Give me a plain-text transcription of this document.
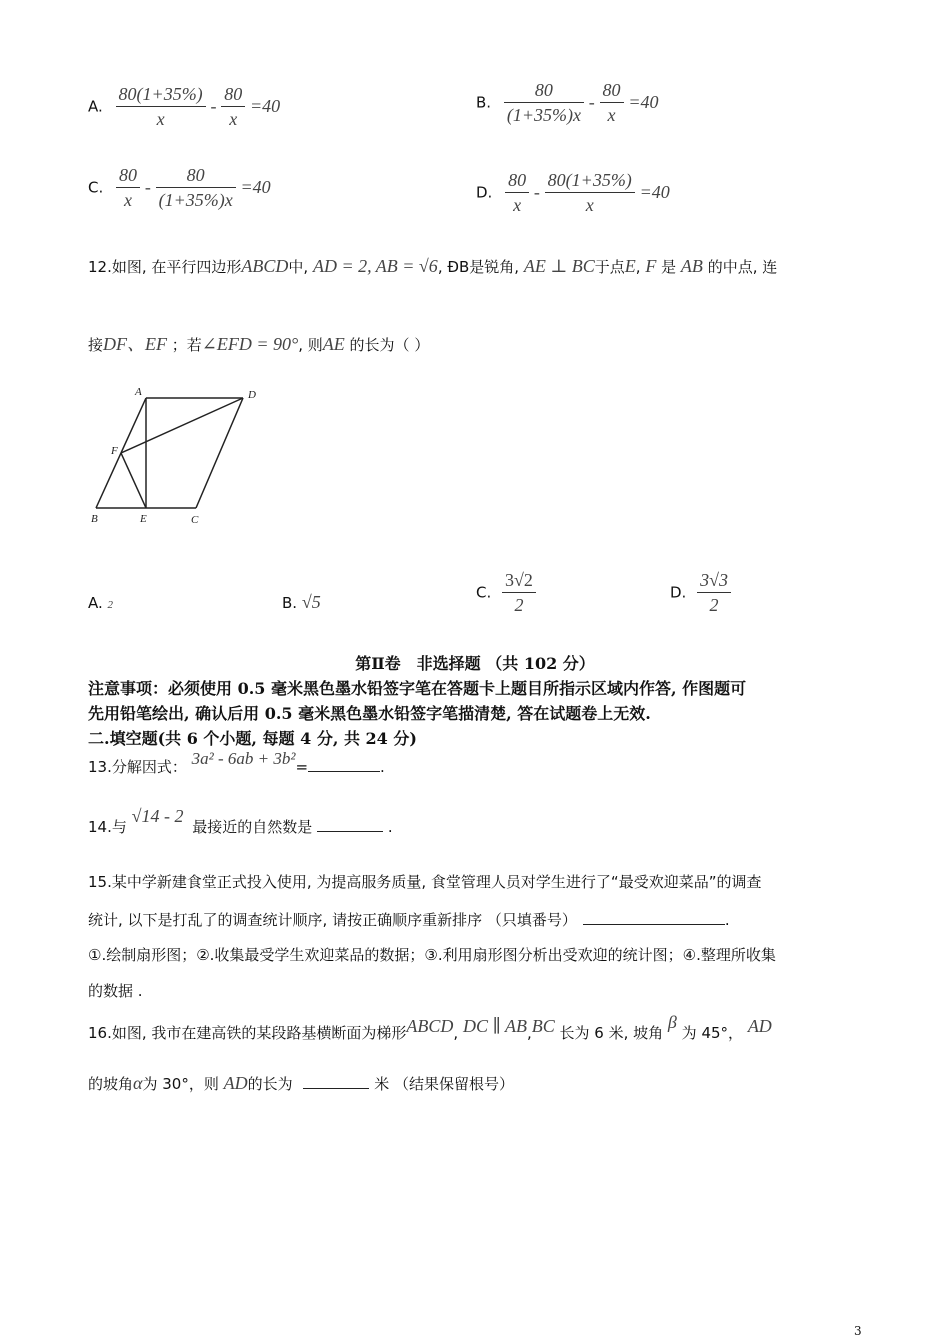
A. $\frac{80(1+35\%)}{x} - \frac{80}{x} =40$	B. $\frac{80}{(1+35\%)x} - \frac{80}{x} =40$
C. $\frac{80}{x} - \frac{80}{(1+35\%)x} =40$	D. $\frac{80}{x} - \frac{80(1+35\%)}{x} =40$
12.如图, 在平行四边形ABCD中, AD = 2, AB = √6, ÐB是锐角, AE ⊥ BC于点E, F 是 AB 的中点, 连
接DF、EF ；若∠EFD = 90°, 则AE 的长为（ ）
A	D
F
B	E	C
A. 2	B. √5	C. $\frac{3√2}{2}$	D. $\frac{3√3}{2}$
第Ⅱ卷　非选择题 （共 102 分）
注意事项：必须使用 0.5 毫米黑色墨水铅签字笔在答题卡上题目所指示区域内作答, 作图题可
先用铅笔绘出, 确认后用 0.5 毫米黑色墨水铅签字笔描清楚, 答在试题卷上无效.
二.填空题(共 6 个小题, 每题 4 分, 共 24 分)
13.分解因式： 3a² - 6ab + 3b²=	.
14.与 √14 - 2 最接近的自然数是	.
15.某中学新建食堂正式投入使用, 为提高服务质量, 食堂管理人员对学生进行了“最受欢迎菜品”的调查
统计, 以下是打乱了的调查统计顺序, 请按正确顺序重新排序 （只填番号）	.
①.绘制扇形图；②.收集最受学生欢迎菜品的数据；③.利用扇形图分析出受欢迎的统计图；④.整理所收集
的数据 .
16.如图, 我市在建高铁的某段路基横断面为梯形ABCD, DC ∥ AB,BC 长为 6 米, 坡角 β 为 45°， AD
的坡角α为 30°，则 AD的长为	米 （结果保留根号）
3
